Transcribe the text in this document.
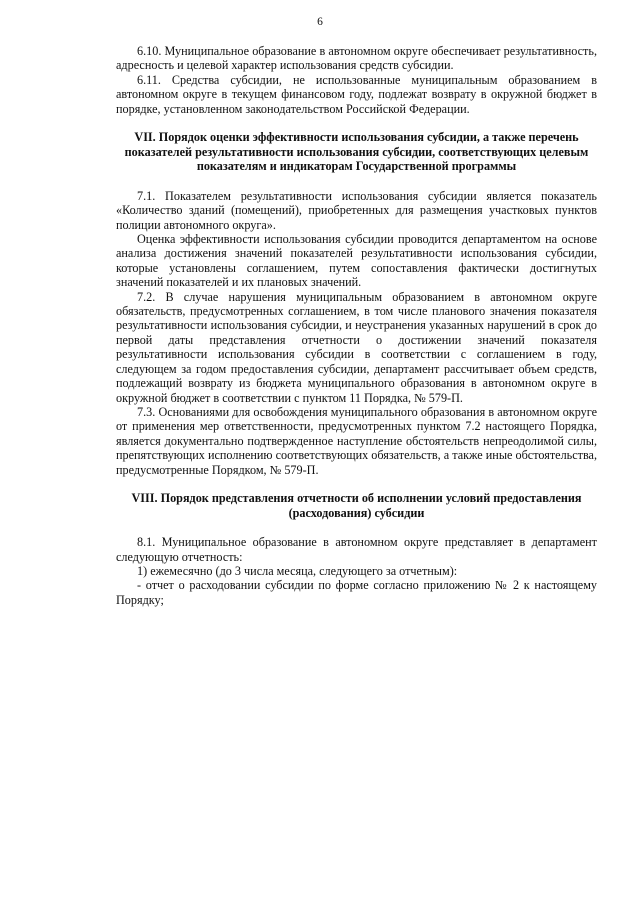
6

6.10. Муниципальное образование в автономном округе обеспечивает результативность, адресность и целевой характер использования средств субсидии.

6.11. Средства субсидии, не использованные муниципальным образованием в автономном округе в текущем финансовом году, подлежат возврату в окружной бюджет в порядке, установленном законодательством Российской Федерации.

VII. Порядок оценки эффективности использования субсидии, а также перечень показателей результативности использования субсидии, соответствующих целевым показателям и индикаторам Государственной программы

7.1. Показателем результативности использования субсидии является показатель «Количество зданий (помещений), приобретенных для размещения участковых пунктов полиции автономного округа».

Оценка эффективности использования субсидии проводится департаментом на основе анализа достижения значений показателей результативности использования субсидии, которые установлены соглашением, путем сопоставления фактически достигнутых значений показателей и их плановых значений.

7.2. В случае нарушения муниципальным образованием в автономном округе обязательств, предусмотренных соглашением, в том числе планового значения показателя результативности использования субсидии, и неустранения указанных нарушений в срок до первой даты представления отчетности о достижении значений показателя результативности использования субсидии в соответствии с соглашением в году, следующем за годом предоставления субсидии, департамент рассчитывает объем средств, подлежащий возврату из бюджета муниципального образования в автономном округе в окружной бюджет в соответствии с пунктом 11 Порядка, № 579-П.

7.3. Основаниями для освобождения муниципального образования в автономном округе от применения мер ответственности, предусмотренных пунктом 7.2 настоящего Порядка, является документально подтвержденное наступление обстоятельств непреодолимой силы, препятствующих исполнению соответствующих обязательств, а также иные обстоятельства, предусмотренные Порядком, № 579-П.

VIII. Порядок представления отчетности об исполнении условий предоставления (расходования) субсидии

8.1. Муниципальное образование в автономном округе представляет в департамент следующую отчетность:

1) ежемесячно (до 3 числа месяца, следующего за отчетным):

- отчет о расходовании субсидии по форме согласно приложению № 2 к настоящему Порядку;
